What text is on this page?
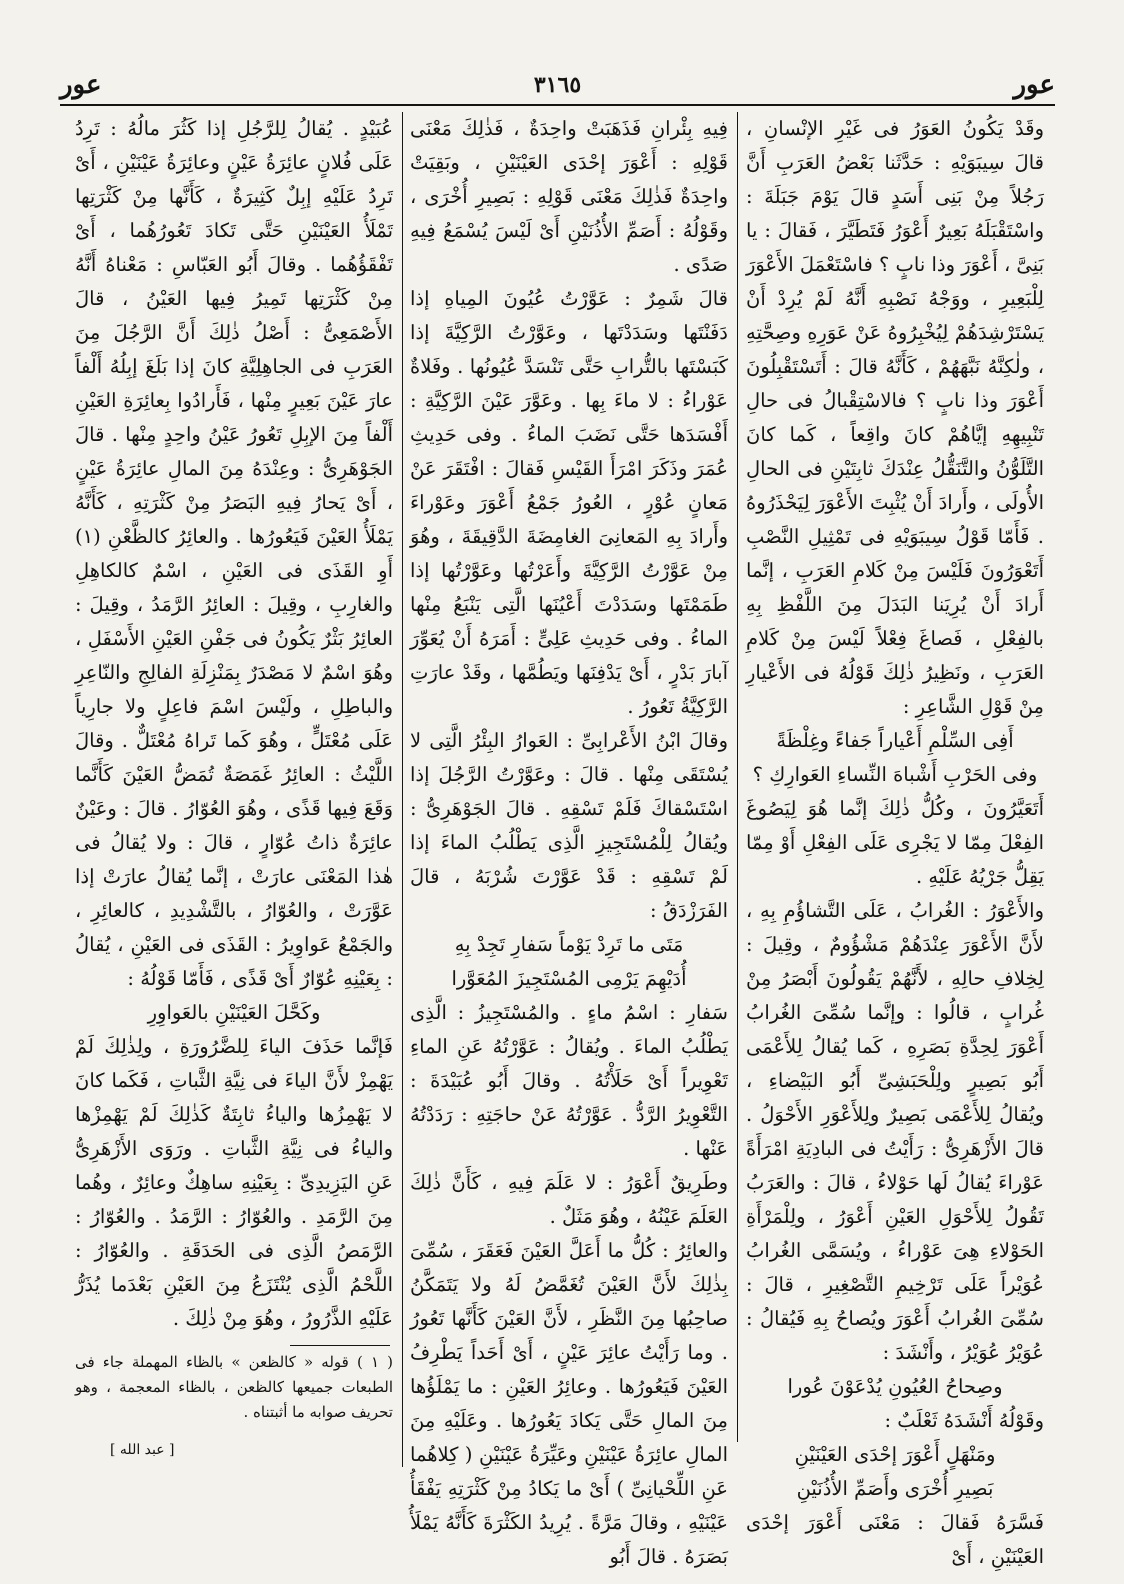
عور	٣١٦٥	عور

وقَدْ يَكُونُ العَوَرُ فى غَيْرِ الإنْسانِ ، قالَ سِيبَوَيْهِ : حَدَّثَنا بَعْضُ العَرَبِ أَنَّ رَجُلاً مِنْ بَنِى أَسَدٍ قالَ يَوْمَ جَبَلَةَ : واسْتَقْبَلَهُ بَعِيرٌ أَعْوَرُ فَتَطَيَّرَ ، فَقالَ : يا بَنِىَّ ، أَعْوَرَ وذا نابٍ ؟ فاسْتَعْمَلَ الأَعْوَرَ لِلْبَعِيرِ ، ووَجْهُ نَصْبِهِ أَنَّهُ لَمْ يُرِدْ أَنْ يَسْتَرْشِدَهُمْ لِيُخْبِرُوهُ عَنْ عَوَرِهِ وصِحَّتِهِ ، ولٰكِنَّهُ نَبَّهَهُمْ ، كَأَنَّهُ قالَ : أَتَسْتَقْبِلُونَ أَعْوَرَ وذا نابٍ ؟ فالاسْتِقْبالُ فى حالِ تَنْبِيهِهِ إيَّاهُمْ كانَ واقِعاً ، كَما كانَ التَّلَوُّنُ والتَّنَقُّلُ عِنْدَكَ ثابِتَيْنِ فى الحالِ الأُولَى ، وأَرادَ أَنْ يُثْبِتَ الأَعْوَرَ لِيَحْذَرُوهُ . فَأَمّا قَوْلُ سِيبَوَيْهِ فى تَمْثِيلِ النَّصْبِ أَتَعْوَرُونَ فَلَيْسَ مِنْ كَلامِ العَرَبِ ، إنَّما أَرادَ أَنْ يُرِيَنا البَدَلَ مِنَ اللَّفْظِ بِهِ بالفِعْلِ ، فَصاغَ فِعْلاً لَيْسَ مِنْ كَلامِ العَرَبِ ، ونَظِيرُ ذٰلِكَ قَوْلُهُ فى الأَعْيارِ مِنْ قَوْلِ الشَّاعِرِ :

أَفِى السِّلْمِ أَعْياراً جَفاءً وغِلْظَةً
وفى الحَرْبِ أَشْباهَ النِّساءِ العَوارِكِ ؟

أَتَعَيَّرُونَ ، وكُلُّ ذٰلِكَ إنَّما هُوَ لِيَصُوغَ الفِعْلَ مِمّا لا يَجْرِى عَلَى الفِعْلِ أَوْ مِمّا يَقِلُّ جَرْيُهُ عَلَيْهِ .

والأَعْوَرُ : الغُرابُ ، عَلَى التَّشاؤُمِ بِهِ ، لأَنَّ الأَعْوَرَ عِنْدَهُمْ مَشْؤُومٌ ، وقِيلَ : لِخِلافِ حالِهِ ، لأَنَّهُمْ يَقُولُونَ أَبْصَرُ مِنْ غُرابٍ ، قالُوا : وإنَّما سُمِّىَ الغُرابُ أَعْوَرَ لِحِدَّةِ بَصَرِهِ ، كَما يُقالُ لِلأَعْمَى أَبُو بَصِيرٍ ولِلْحَبَشِىِّ أَبُو البَيْضاءِ ، ويُقالُ لِلأَعْمَى بَصِيرٌ ولِلأَعْوَرِ الأَحْوَلُ . قالَ الأَزْهَرِىُّ : رَأَيْتُ فى البادِيَةِ امْرَأَةً عَوْراءَ يُقالُ لَها حَوْلاءُ ، قالَ : والعَرَبُ تَقُولُ لِلأَحْوَلِ العَيْنِ أَعْوَرُ ، ولِلْمَرْأَةِ الحَوْلاءِ هِىَ عَوْراءُ ، ويُسَمَّى الغُرابُ عُوَيْراً عَلَى تَرْخِيمِ التَّصْغِيرِ ، قالَ : سُمِّىَ الغُرابُ أَعْوَرَ ويُصاحُ بِهِ فَيُقالُ : عُوَيْرُ عُوَيْرُ ، وأَنْشَدَ :

وصِحاحُ العُيُونِ يُدْعَوْنَ عُورا

وقَوْلُهُ أَنْشَدَهُ ثَعْلَبٌ :

ومَنْهَلٍ أَعْوَرَ إحْدَى العَيْنَيْنِ
بَصِيرِ أُخْرَى وأَصَمِّ الأُذُنَيْنِ

فَسَّرَهُ فَقالَ : مَعْنَى أَعْوَرَ إحْدَى العَيْنَيْنِ ، أَىْ

فِيهِ بِئْرانِ فَذَهَبَتْ واحِدَةٌ ، فَذٰلِكَ مَعْنَى قَوْلِهِ : أَعْوَرَ إحْدَى العَيْنَيْنِ ، وبَقِيَتْ واحِدَةٌ فَذٰلِكَ مَعْنَى قَوْلِهِ : بَصِيرِ أُخْرَى ، وقَوْلُهُ : أَصَمِّ الأُذُنَيْنِ أَىْ لَيْسَ يُسْمَعُ فِيهِ صَدًى .

قالَ شَمِرٌ : عَوَّرْتُ عُيُونَ المِياهِ إذا دَفَنْتَها وسَدَدْتَها ، وعَوَّرْتُ الرَّكِيَّةَ إذا كَبَسْتَها بالتُّرابِ حَتَّى تَنْسَدَّ عُيُونُها . وفَلاةٌ عَوْراءُ : لا ماءَ بِها . وعَوَّرَ عَيْنَ الرَّكِيَّةِ : أَفْسَدَها حَتَّى نَضَبَ الماءُ . وفى حَدِيثِ عُمَرَ وذَكَرَ امْرَأَ القَيْسِ فَقالَ : افْتَقَرَ عَنْ مَعانٍ عُوْرٍ ، العُورُ جَمْعُ أَعْوَرَ وعَوْراءَ وأَرادَ بِهِ المَعانِىَ الغامِضَةَ الدَّقِيقَةَ ، وهُوَ مِنْ عَوَّرْتُ الرَّكِيَّةَ وأَعَرْتُها وعَوَّرْتُها إذا طَمَمْتَها وسَدَدْتَ أَعْيُنَها الَّتِى يَنْبَعُ مِنْها الماءُ . وفى حَدِيثِ عَلِىٍّ : أَمَرَهُ أَنْ يُعَوِّرَ آبارَ بَدْرٍ ، أَىْ يَدْفِنَها ويَطُمَّها ، وقَدْ عارَتِ الرَّكِيَّةُ تَعُورُ .

وقالَ ابْنُ الأَعْرابِىِّ : العَوارُ البِئْرُ الَّتِى لا يُسْتَقَى مِنْها . قالَ : وعَوَّرْتُ الرَّجُلَ إذا اسْتَسْقاكَ فَلَمْ تَسْقِهِ . قالَ الجَوْهَرِىُّ : ويُقالُ لِلْمُسْتَجِيزِ الَّذِى يَطْلُبُ الماءَ إذا لَمْ تَسْقِهِ : قَدْ عَوَّرْتَ شُرْبَهُ ، قالَ الفَرَزْدَقُ :

مَتَى ما تَرِدْ يَوْماً سَفارِ تَجِدْ بِهِ
أُدَيْهِمَ يَرْمِى المُسْتَجِيزَ المُعَوَّرا

سَفارِ : اسْمُ ماءٍ . والمُسْتَجِيزُ : الَّذِى يَطْلُبُ الماءَ . ويُقالُ : عَوَّرْتُهُ عَنِ الماءِ تَعْوِيراً أَىْ حَلَأْتُهُ . وقالَ أَبُو عُبَيْدَةَ : التَّعْوِيرُ الرَّدُّ . عَوَّرْتُهُ عَنْ حاجَتِهِ : رَدَدْتُهُ عَنْها .

وطَرِيقٌ أَعْوَرُ : لا عَلَمَ فِيهِ ، كَأَنَّ ذٰلِكَ العَلَمَ عَيْنُهُ ، وهُوَ مَثَلٌ .

والعائِرُ : كُلُّ ما أَعَلَّ العَيْنَ فَعَقَرَ ، سُمِّىَ بِذٰلِكَ لأَنَّ العَيْنَ تُغَمَّضُ لَهُ ولا يَتَمَكَّنُ صاحِبُها مِنَ النَّظَرِ ، لأَنَّ العَيْنَ كَأَنَّها تَعُورُ . وما رَأَيْتُ عائِرَ عَيْنٍ ، أَىْ أَحَداً يَطْرِفُ العَيْنَ فَيَعُورُها . وعائِرُ العَيْنِ : ما يَمْلَؤُها مِنَ المالِ حَتَّى يَكادَ يَعُورُها . وعَلَيْهِ مِنَ المالِ عائِرَةُ عَيْنَيْنِ وعَيِّرَةُ عَيْنَيْنِ ( كِلاهُما عَنِ اللِّحْيانِىِّ ) أَىْ ما يَكادُ مِنْ كَثْرَتِهِ يَفْقَأُ عَيْنَيْهِ ، وقالَ مَرَّةً . يُرِيدُ الكَثْرَةَ كَأَنَّهُ يَمْلَأُ بَصَرَهُ . قالَ أَبُو

عُبَيْدٍ . يُقالُ لِلرَّجُلِ إذا كَثُرَ مالُهُ : تَرِدُ عَلَى فُلانٍ عائِرَةُ عَيْنٍ وعائِرَةُ عَيْنَيْنِ ، أَىْ تَرِدُ عَلَيْهِ إبِلٌ كَثِيرَةٌ ، كَأَنَّها مِنْ كَثْرَتِها تَمْلَأُ العَيْنَيْنِ حَتَّى تَكادَ تَعُورُهُما ، أَىْ تَفْقَؤُهُما . وقالَ أَبُو العَبّاسِ : مَعْناهُ أَنَّهُ مِنْ كَثْرَتِها تَمِيرُ فِيها العَيْنُ ، قالَ الأَصْمَعِىُّ : أَصْلُ ذٰلِكَ أَنَّ الرَّجُلَ مِنَ العَرَبِ فى الجاهِلِيَّةِ كانَ إذا بَلَغَ إبِلُهُ أَلْفاً عارَ عَيْنَ بَعِيرٍ مِنْها ، فَأَرادُوا بِعائِرَةِ العَيْنِ أَلْفاً مِنَ الإبِلِ تَعُورُ عَيْنُ واحِدٍ مِنْها . قالَ الجَوْهَرِىُّ : وعِنْدَهُ مِنَ المالِ عائِرَةُ عَيْنٍ ، أَىْ يَحارُ فِيهِ البَصَرُ مِنْ كَثْرَتِهِ ، كَأَنَّهُ يَمْلَأُ العَيْنَ فَيَعُورُها . والعائِرُ كالظَّعْنِ (١) أَوِ القَذَى فى العَيْنِ ، اسْمٌ كالكاهِلِ والغارِبِ ، وقِيلَ : العائِرُ الرَّمَدُ ، وقِيلَ : العائِرُ بَثْرٌ يَكُونُ فى جَفْنِ العَيْنِ الأَسْفَلِ ، وهُوَ اسْمٌ لا مَصْدَرٌ بِمَنْزِلَةِ الفالِجِ والنّاعِرِ والباطِلِ ، ولَيْسَ اسْمَ فاعِلٍ ولا جارِياً عَلَى مُعْتَلٍّ ، وهُوَ كَما تَراهُ مُعْتَلٌّ . وقالَ اللَّيْثُ : العائِرُ غَمَصَةٌ تُمَضُّ العَيْنَ كَأَنَّما وَقَعَ فِيها قَذًى ، وهُوَ العُوّارُ . قالَ : وعَيْنٌ عائِرَةٌ ذاتُ عُوّارٍ ، قالَ : ولا يُقالُ فى هٰذا المَعْنَى عارَتْ ، إنَّما يُقالُ عارَتْ إذا عَوَّرَتْ ، والعُوّارُ ، بالتَّشْدِيدِ ، كالعائِرِ ، والجَمْعُ عَواوِيرُ : القَذَى فى العَيْنِ ، يُقالُ : بِعَيْنِهِ عُوّارٌ أَىْ قَذًى ، فَأَمّا قَوْلُهُ :

وكَحَّلَ العَيْنَيْنِ بالعَواوِرِ

فَإنَّما حَذَفَ الياءَ لِلضَّرُورَةِ ، ولِذٰلِكَ لَمْ يَهْمِزْ لأَنَّ الياءَ فى نِيَّةِ الثَّباتِ ، فَكَما كانَ لا يَهْمِزُها والياءُ ثابِتَةٌ كَذٰلِكَ لَمْ يَهْمِزْها والياءُ فى نِيَّةِ الثَّباتِ . ورَوَى الأَزْهَرِىُّ عَنِ اليَزِيدِىِّ : بِعَيْنِهِ ساهِكٌ وعائِرٌ ، وهُما مِنَ الرَّمَدِ . والعُوّارُ : الرَّمَدُ . والعُوّارُ : الرَّمَصُ الَّذِى فى الحَدَقَةِ . والعُوّارُ : اللَّحْمُ الَّذِى يُنْتَزَعُ مِنَ العَيْنِ بَعْدَما يُذَرُّ عَلَيْهِ الذَّرُورُ ، وهُوَ مِنْ ذٰلِكَ .

( ١ ) قوله « كالظعن » بالظاء المهملة جاء فى الطبعات جميعها كالظعن ، بالظاء المعجمة ، وهو تحريف صوابه ما أثبتناه .
[ عبد الله ]
